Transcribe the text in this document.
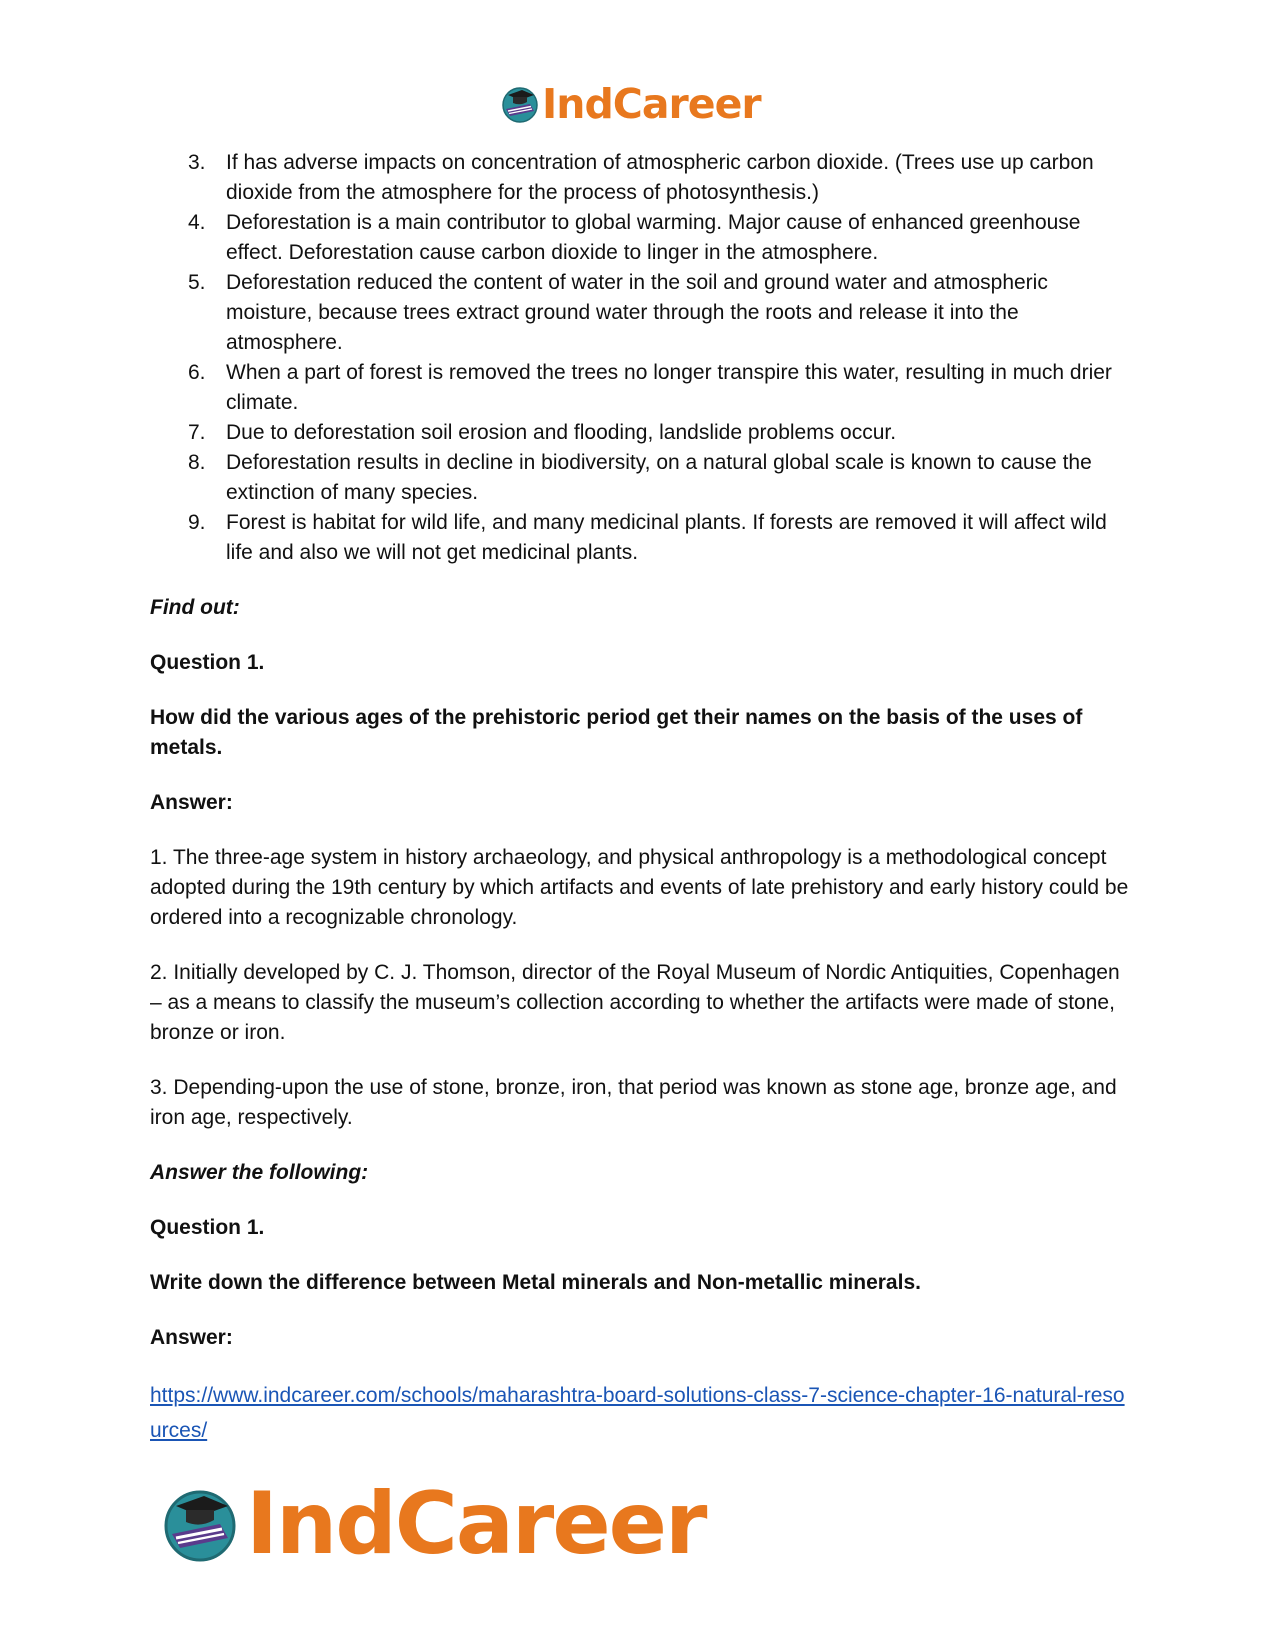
IndCareer
3. If has adverse impacts on concentration of atmospheric carbon dioxide. (Trees use up carbon dioxide from the atmosphere for the process of photosynthesis.)
4. Deforestation is a main contributor to global warming. Major cause of enhanced greenhouse effect. Deforestation cause carbon dioxide to linger in the atmosphere.
5. Deforestation reduced the content of water in the soil and ground water and atmospheric moisture, because trees extract ground water through the roots and release it into the atmosphere.
6. When a part of forest is removed the trees no longer transpire this water, resulting in much drier climate.
7. Due to deforestation soil erosion and flooding, landslide problems occur.
8. Deforestation results in decline in biodiversity, on a natural global scale is known to cause the extinction of many species.
9. Forest is habitat for wild life, and many medicinal plants. If forests are removed it will affect wild life and also we will not get medicinal plants.

Find out:

Question 1.

How did the various ages of the prehistoric period get their names on the basis of the uses of metals.

Answer:

1. The three-age system in history archaeology, and physical anthropology is a methodological concept adopted during the 19th century by which artifacts and events of late prehistory and early history could be ordered into a recognizable chronology.

2. Initially developed by C. J. Thomson, director of the Royal Museum of Nordic Antiquities, Copenhagen – as a means to classify the museum’s collection according to whether the artifacts were made of stone, bronze or iron.

3. Depending-upon the use of stone, bronze, iron, that period was known as stone age, bronze age, and iron age, respectively.

Answer the following:

Question 1.

Write down the difference between Metal minerals and Non-metallic minerals.

Answer:

https://www.indcareer.com/schools/maharashtra-board-solutions-class-7-science-chapter-16-natural-resources/
IndCareer
